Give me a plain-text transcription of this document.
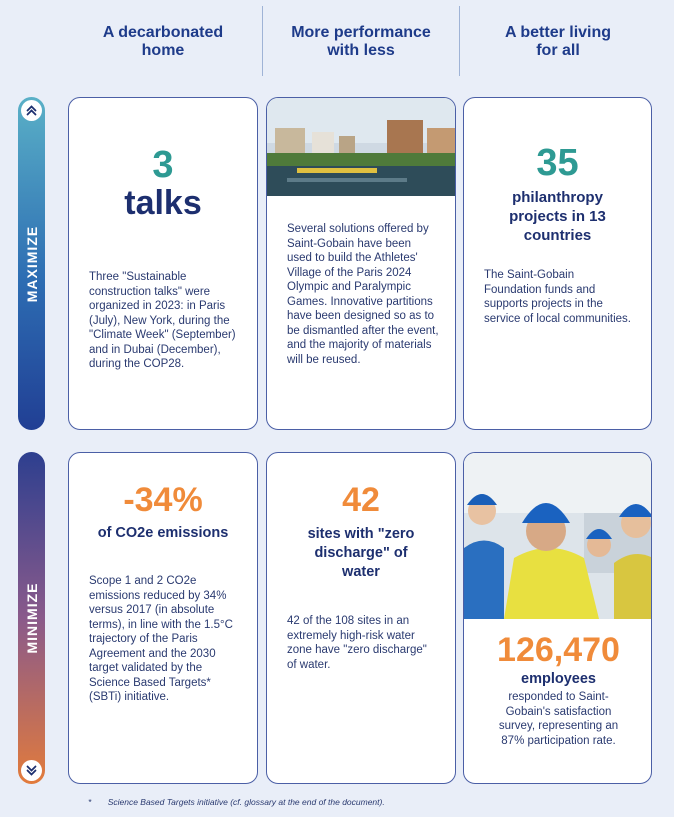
A decarbonated
home
More performance
with less
A better living
for all
MAXIMIZE
MINIMIZE
3
talks
Three "Sustainable construction talks" were organized in 2023: in Paris (July), New York, during the "Climate Week" (September) and in Dubai (December), during the COP28.
Several solutions offered by Saint-Gobain have been used to build the Athletes' Village of the Paris 2024 Olympic and Paralympic Games. Innovative partitions have been designed so as to be dismantled after the event, and the majority of materials will be reused.
35
philanthropy projects in 13 countries
The Saint-Gobain Foundation funds and supports projects in the service of local communities.
-34%
of CO2e emissions
Scope 1 and 2 CO2e emissions reduced by 34% versus 2017 (in absolute terms), in line with the 1.5°C trajectory of the Paris Agreement and the 2030 target validated by the Science Based Targets* (SBTi) initiative.
42
sites with "zero discharge" of water
42 of the 108 sites in an extremely high-risk water zone have "zero discharge" of water.	126,470
employees
responded to Saint-Gobain's satisfaction survey, representing an 87% participation rate.
* Science Based Targets initiative (cf. glossary at the end of the document).
